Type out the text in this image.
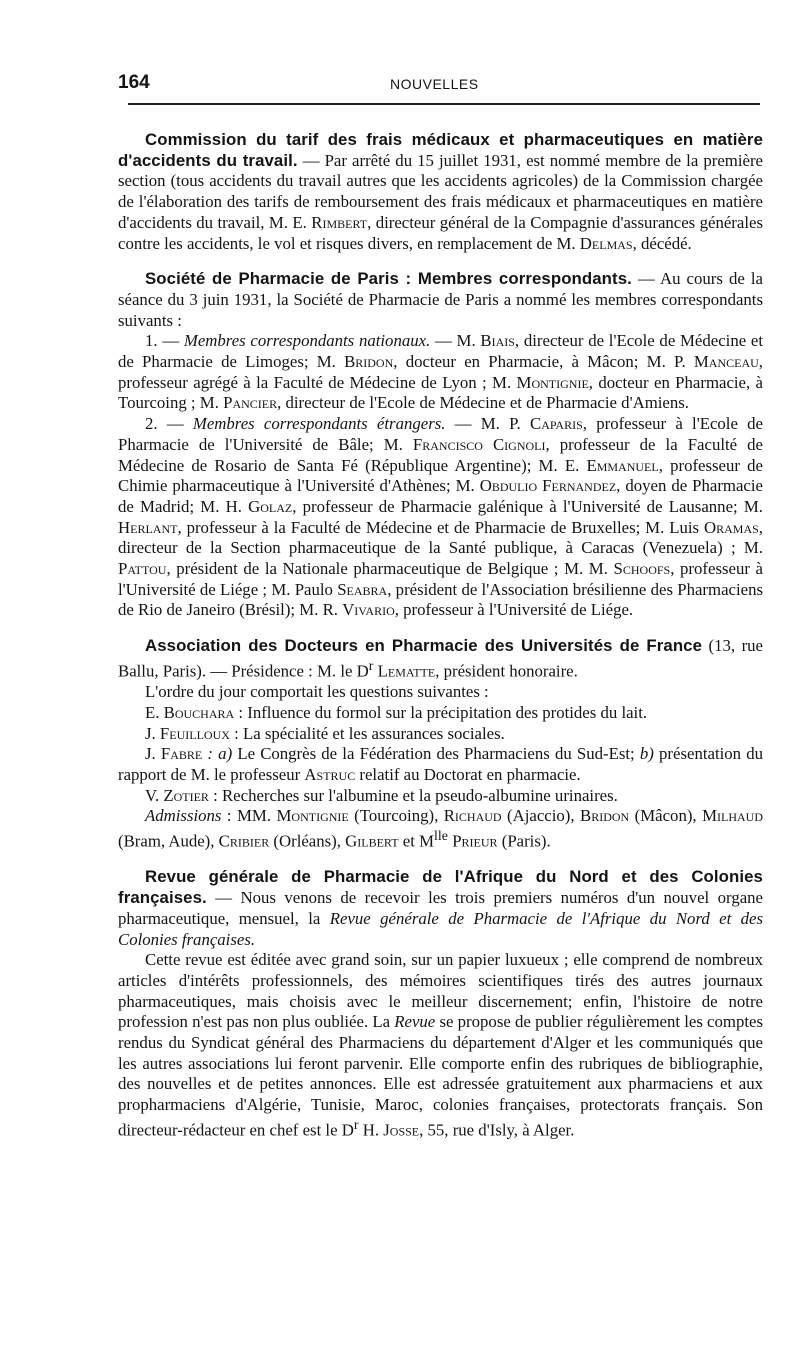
164	NOUVELLES

Commission du tarif des frais médicaux et pharmaceutiques en matière d'accidents du travail. — Par arrêté du 15 juillet 1931, est nommé membre de la première section (tous accidents du travail autres que les accidents agricoles) de la Commission chargée de l'élaboration des tarifs de remboursement des frais médicaux et pharmaceutiques en matière d'accidents du travail, M. E. Rimbert, directeur général de la Compagnie d'assurances générales contre les accidents, le vol et risques divers, en remplacement de M. Delmas, décédé.

Société de Pharmacie de Paris : Membres correspondants. — Au cours de la séance du 3 juin 1931, la Société de Pharmacie de Paris a nommé les membres correspondants suivants :

1. — Membres correspondants nationaux. — M. Biais, directeur de l'Ecole de Médecine et de Pharmacie de Limoges; M. Bridon, docteur en Pharmacie, à Mâcon; M. P. Manceau, professeur agrégé à la Faculté de Médecine de Lyon ; M. Montignie, docteur en Pharmacie, à Tourcoing ; M. Pancier, directeur de l'Ecole de Médecine et de Pharmacie d'Amiens.

2. — Membres correspondants étrangers. — M. P. Caparis, professeur à l'Ecole de Pharmacie de l'Université de Bâle; M. Francisco Cignoli, professeur de la Faculté de Médecine de Rosario de Santa Fé (République Argentine); M. E. Emmanuel, professeur de Chimie pharmaceutique à l'Université d'Athènes; M. Obdulio Fernandez, doyen de Pharmacie de Madrid; M. H. Golaz, professeur de Pharmacie galénique à l'Université de Lausanne; M. Herlant, professeur à la Faculté de Médecine et de Pharmacie de Bruxelles; M. Luis Oramas, directeur de la Section pharmaceutique de la Santé publique, à Caracas (Venezuela) ; M. Pattou, président de la Nationale pharmaceutique de Belgique ; M. M. Schoofs, professeur à l'Université de Liége ; M. Paulo Seabra, président de l'Association brésilienne des Pharmaciens de Rio de Janeiro (Brésil); M. R. Vivario, professeur à l'Université de Liége.

Association des Docteurs en Pharmacie des Universités de France (13, rue Ballu, Paris). — Présidence : M. le $D^r$ Lematte, président honoraire.

L'ordre du jour comportait les questions suivantes :

E. Bouchara : Influence du formol sur la précipitation des protides du lait.

J. Feuilloux : La spécialité et les assurances sociales.

J. Fabre : a) Le Congrès de la Fédération des Pharmaciens du Sud-Est; b) présentation du rapport de M. le professeur Astruc relatif au Doctorat en pharmacie.

V. Zotier : Recherches sur l'albumine et la pseudo-albumine urinaires.

Admissions : MM. Montignie (Tourcoing), Richaud (Ajaccio), Bridon (Mâcon), Milhaud (Bram, Aude), Cribier (Orléans), Gilbert et $M^{lle}$ Prieur (Paris).

Revue générale de Pharmacie de l'Afrique du Nord et des Colonies françaises. — Nous venons de recevoir les trois premiers numéros d'un nouvel organe pharmaceutique, mensuel, la Revue générale de Pharmacie de l'Afrique du Nord et des Colonies françaises.

Cette revue est éditée avec grand soin, sur un papier luxueux ; elle comprend de nombreux articles d'intérêts professionnels, des mémoires scientifiques tirés des autres journaux pharmaceutiques, mais choisis avec le meilleur discernement; enfin, l'histoire de notre profession n'est pas non plus oubliée. La Revue se propose de publier régulièrement les comptes rendus du Syndicat général des Pharmaciens du département d'Alger et les communiqués que les autres associations lui feront parvenir. Elle comporte enfin des rubriques de bibliographie, des nouvelles et de petites annonces. Elle est adressée gratuitement aux pharmaciens et aux propharmaciens d'Algérie, Tunisie, Maroc, colonies françaises, protectorats français. Son directeur-rédacteur en chef est le $D^r$ H. Josse, 55, rue d'Isly, à Alger.
